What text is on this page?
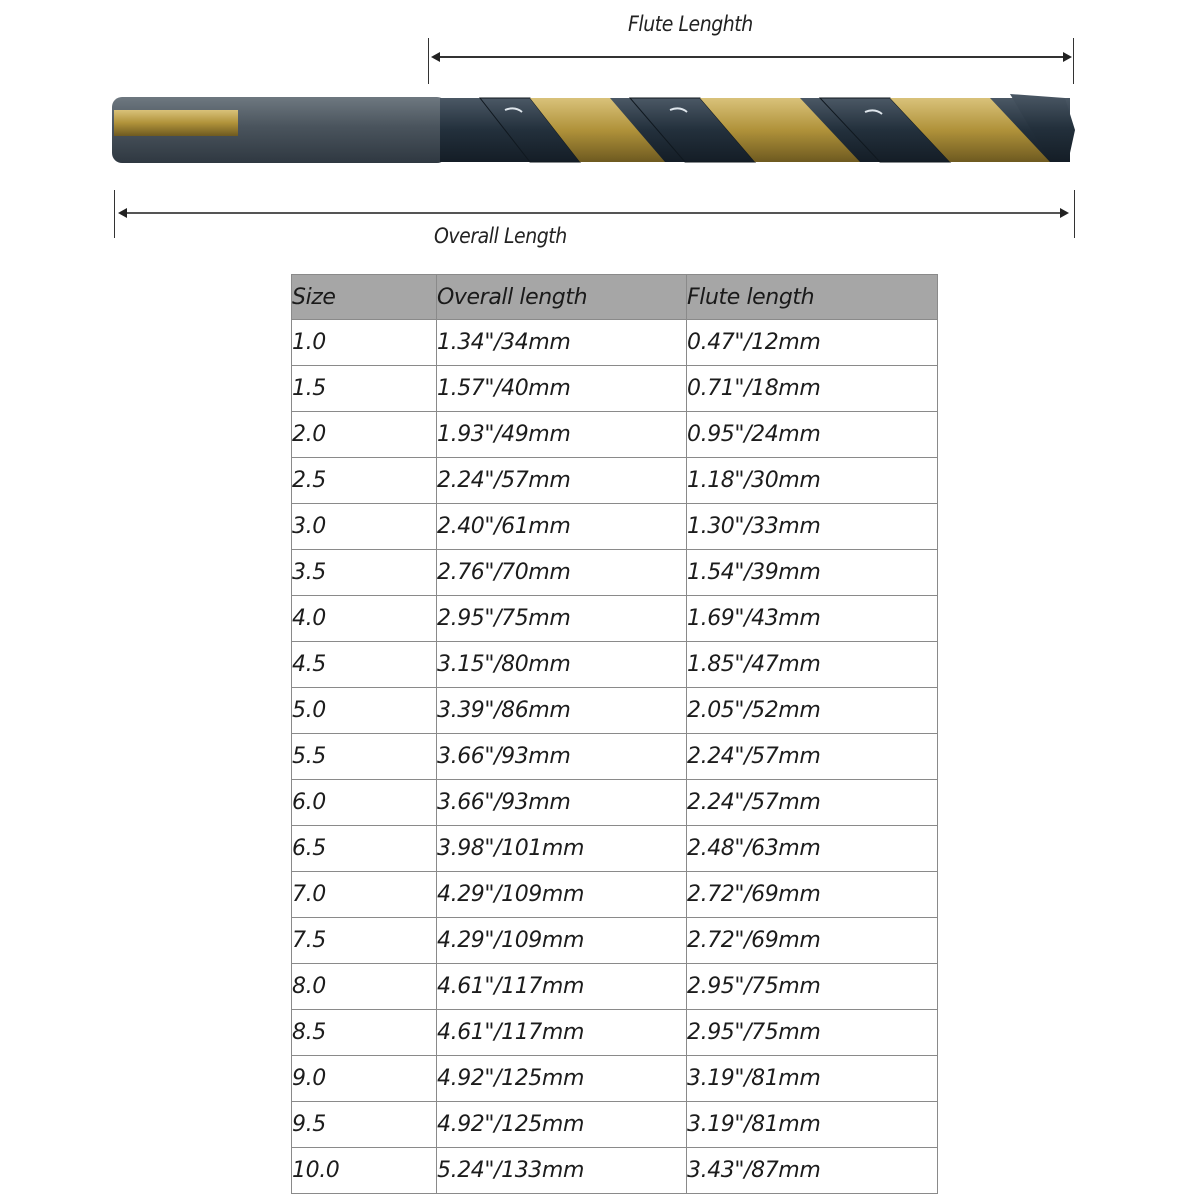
Flute Lenghth
Overall Length
Size	Overall length	Flute length
1.0	1.34"/34mm	0.47"/12mm
1.5	1.57"/40mm	0.71"/18mm
2.0	1.93"/49mm	0.95"/24mm
2.5	2.24"/57mm	1.18"/30mm
3.0	2.40"/61mm	1.30"/33mm
3.5	2.76"/70mm	1.54"/39mm
4.0	2.95"/75mm	1.69"/43mm
4.5	3.15"/80mm	1.85"/47mm
5.0	3.39"/86mm	2.05"/52mm
5.5	3.66"/93mm	2.24"/57mm
6.0	3.66"/93mm	2.24"/57mm
6.5	3.98"/101mm	2.48"/63mm
7.0	4.29"/109mm	2.72"/69mm
7.5	4.29"/109mm	2.72"/69mm
8.0	4.61"/117mm	2.95"/75mm
8.5	4.61"/117mm	2.95"/75mm
9.0	4.92"/125mm	3.19"/81mm
9.5	4.92"/125mm	3.19"/81mm
10.0	5.24"/133mm	3.43"/87mm
